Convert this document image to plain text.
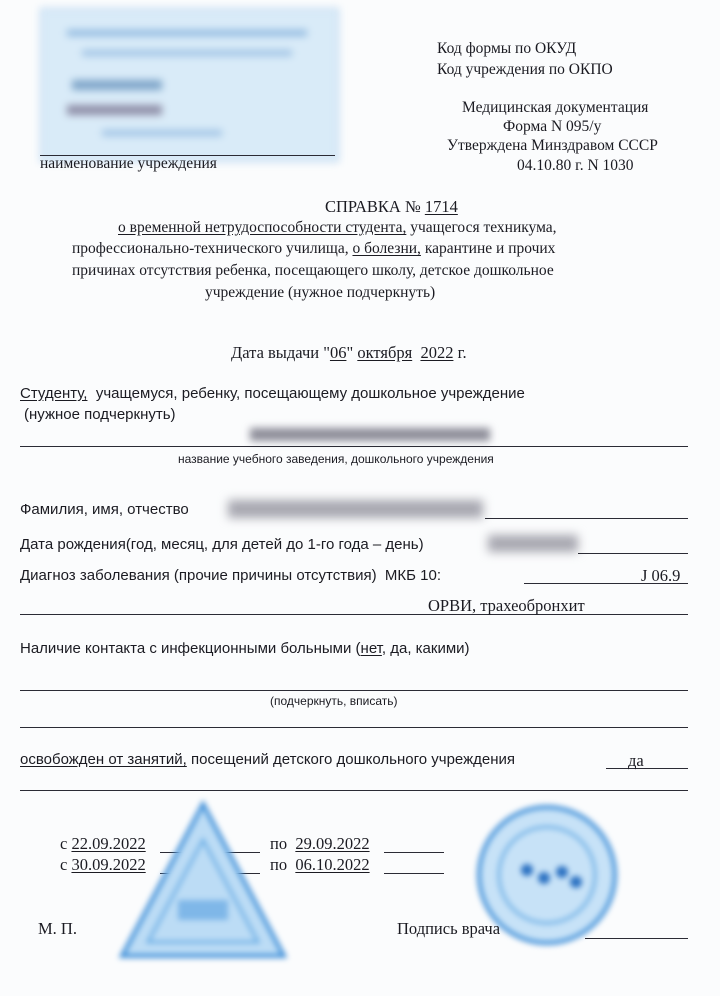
Код формы по ОКУД
Код учреждения по ОКПО
Медицинская документация
Форма N 095/у
Утверждена Минздравом СССР
04.10.80 г. N 1030
наименование учреждения
СПРАВКА № 1714
о временной нетрудоспособности студента, учащегося техникума,
профессионально-технического училища, о болезни, карантине и прочих
причинах отсутствия ребенка, посещающего школу, детское дошкольное
учреждение (нужное подчеркнуть)
Дата выдачи "06" октября 2022 г.
Студенту, учащемуся, ребенку, посещающему дошкольное учреждение
(нужное подчеркнуть)
название учебного заведения, дошкольного учреждения
Фамилия, имя, отчество
Дата рождения(год, месяц, для детей до 1-го года – день)
Диагноз заболевания (прочие причины отсутствия) МКБ 10:	J 06.9
ОРВИ, трахеобронхит
Наличие контакта с инфекционными больными (нет, да, какими)
(подчеркнуть, вписать)
освобожден от занятий, посещений детского дошкольного учреждения	да
с 22.09.2022	по 29.09.2022
с 30.09.2022	по 06.10.2022
М. П.	Подпись врача
